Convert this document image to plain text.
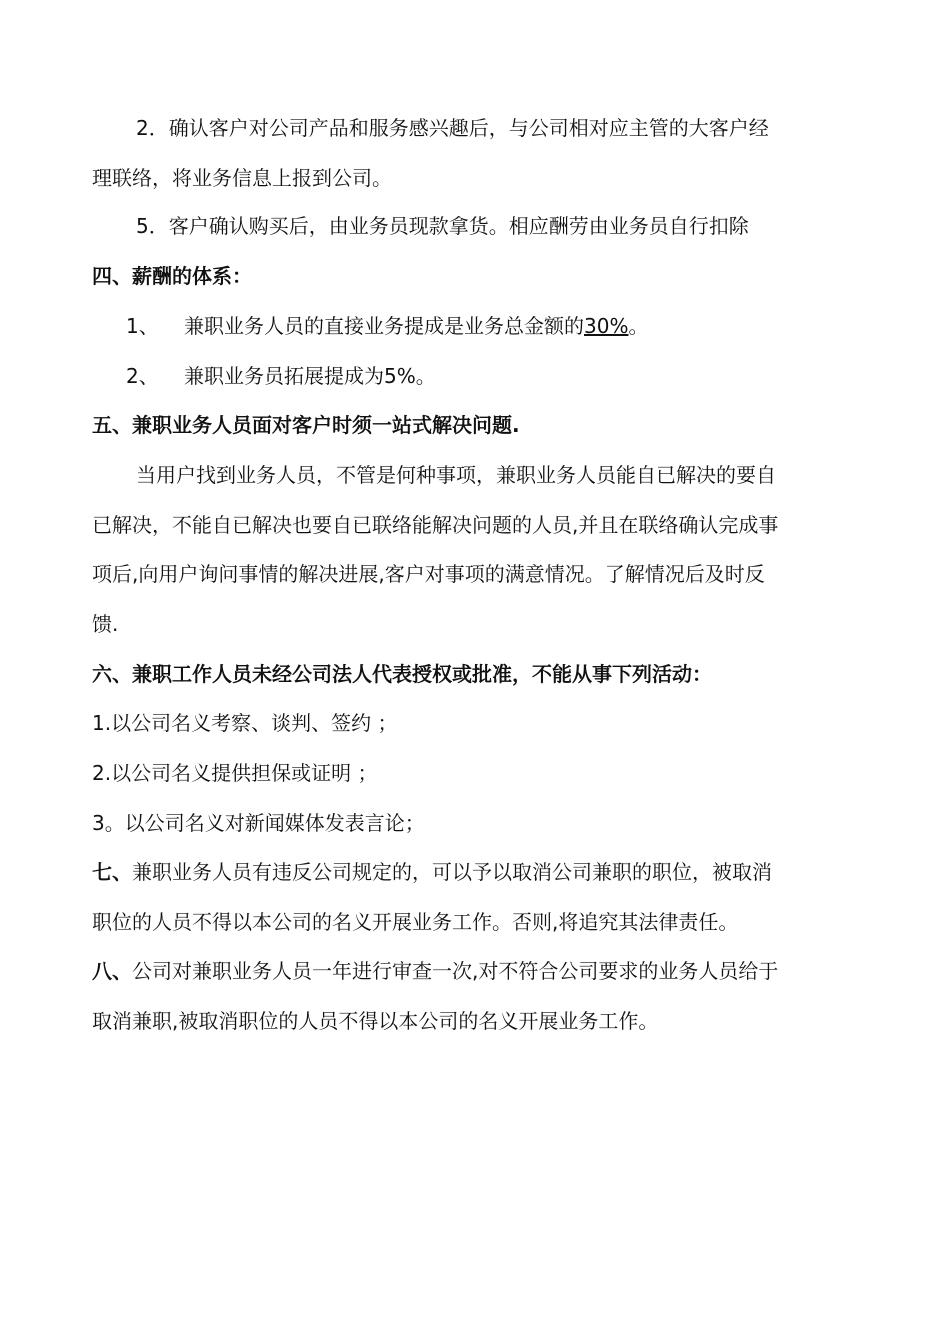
2．确认客户对公司产品和服务感兴趣后，与公司相对应主管的大客户经
理联络，将业务信息上报到公司。
5．客户确认购买后，由业务员现款拿货。相应酬劳由业务员自行扣除
四、薪酬的体系：
1、 兼职业务人员的直接业务提成是业务总金额的30%。
2、 兼职业务员拓展提成为5%。
五、兼职业务人员面对客户时须一站式解决问题.
当用户找到业务人员，不管是何种事项，兼职业务人员能自已解决的要自
已解决，不能自已解决也要自已联络能解决问题的人员,并且在联络确认完成事
项后,向用户询问事情的解决进展,客户对事项的满意情况。了解情况后及时反
馈.
六、兼职工作人员未经公司法人代表授权或批准，不能从事下列活动：
1.以公司名义考察、谈判、签约 ；
2.以公司名义提供担保或证明 ；
3。以公司名义对新闻媒体发表言论；
七、兼职业务人员有违反公司规定的，可以予以取消公司兼职的职位，被取消
职位的人员不得以本公司的名义开展业务工作。否则,将追究其法律责任。
八、公司对兼职业务人员一年进行审查一次,对不符合公司要求的业务人员给于
取消兼职,被取消职位的人员不得以本公司的名义开展业务工作。
